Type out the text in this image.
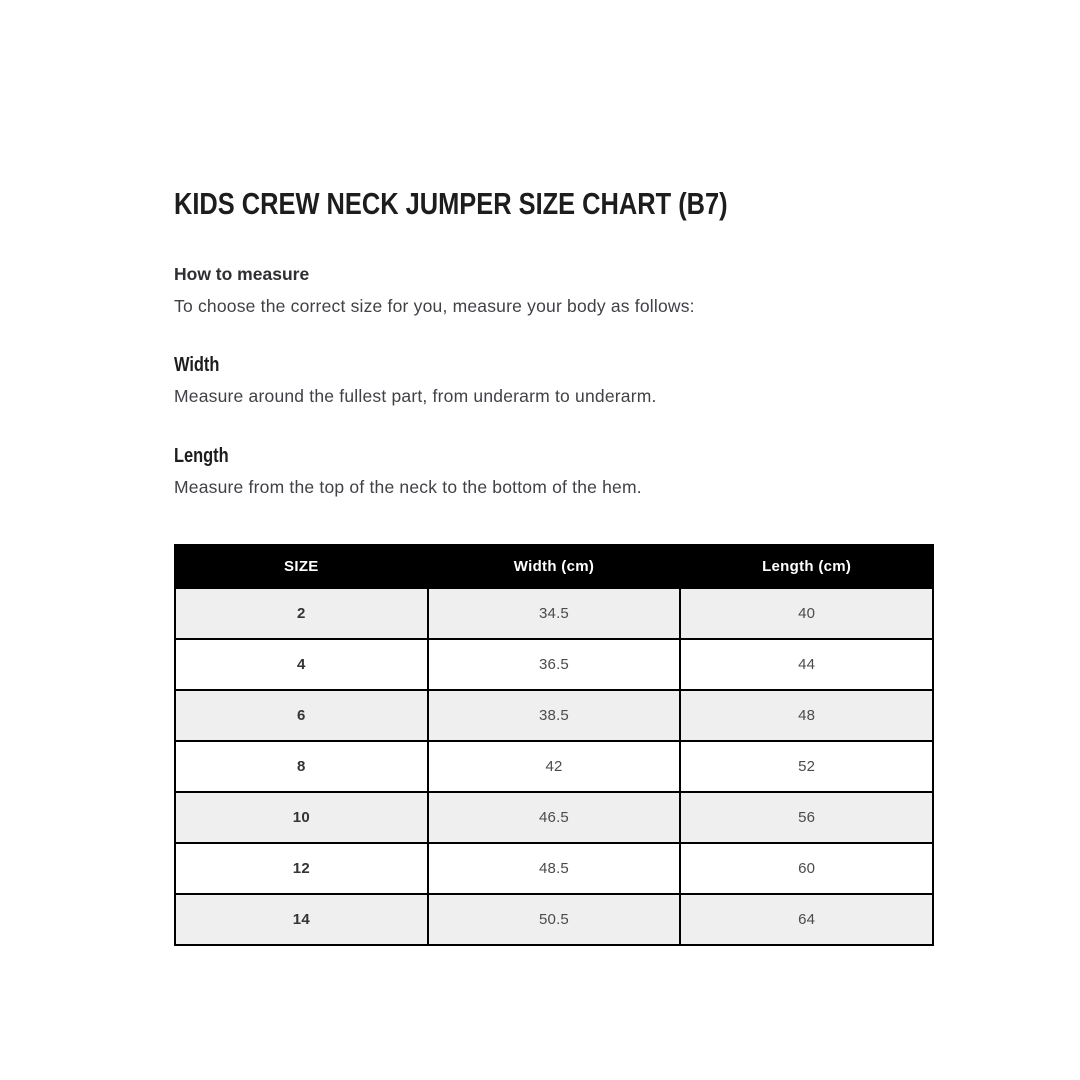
KIDS CREW NECK JUMPER SIZE CHART (B7)
How to measure

To choose the correct size for you, measure your body as follows:

Width

Measure around the fullest part, from underarm to underarm.

Length

Measure from the top of the neck to the bottom of the hem.

SIZE	Width (cm)	Length (cm)
2	34.5	40
4	36.5	44
6	38.5	48
8	42	52
10	46.5	56
12	48.5	60
14	50.5	64
